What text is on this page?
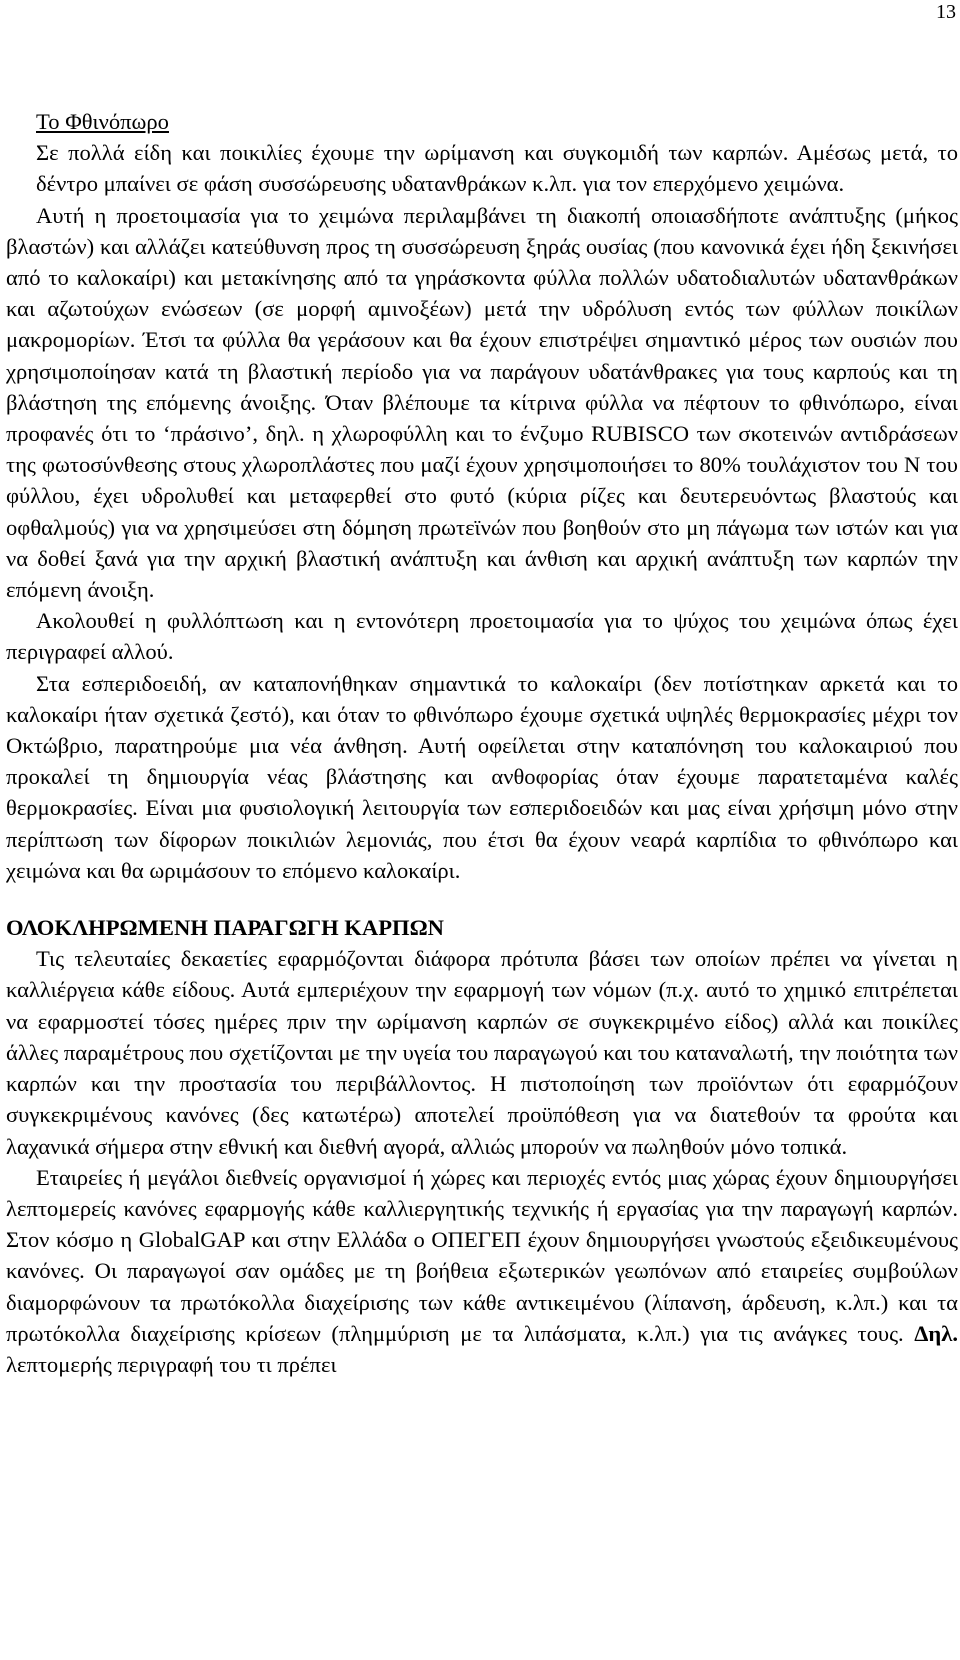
13
Το Φθινόπωρο

Σε πολλά είδη και ποικιλίες έχουμε την ωρίμανση και συγκομιδή των καρπών. Αμέσως μετά, το δέντρο μπαίνει σε φάση συσσώρευσης υδατανθράκων κ.λπ. για τον επερχόμενο χειμώνα.

Αυτή η προετοιμασία για το χειμώνα περιλαμβάνει τη διακοπή οποιασδήποτε ανάπτυξης (μήκος βλαστών) και αλλάζει κατεύθυνση προς τη συσσώρευση ξηράς ουσίας (που κανονικά έχει ήδη ξεκινήσει από το καλοκαίρι) και μετακίνησης από τα γηράσκοντα φύλλα πολλών υδατοδιαλυτών υδατανθράκων και αζωτούχων ενώσεων (σε μορφή αμινοξέων) μετά την υδρόλυση εντός των φύλλων ποικίλων μακρομορίων. Έτσι τα φύλλα θα γεράσουν και θα έχουν επιστρέψει σημαντικό μέρος των ουσιών που χρησιμοποίησαν κατά τη βλαστική περίοδο για να παράγουν υδατάνθρακες για τους καρπούς και τη βλάστηση της επόμενης άνοιξης. Όταν βλέπουμε τα κίτρινα φύλλα να πέφτουν το φθινόπωρο, είναι προφανές ότι το ‘πράσινο’, δηλ. η χλωροφύλλη και το ένζυμο RUBISCO των σκοτεινών αντιδράσεων της φωτοσύνθεσης στους χλωροπλάστες που μαζί έχουν χρησιμοποιήσει το 80% τουλάχιστον του N του φύλλου, έχει υδρολυθεί και μεταφερθεί στο φυτό (κύρια ρίζες και δευτερευόντως βλαστούς και οφθαλμούς) για να χρησιμεύσει στη δόμηση πρωτεϊνών που βοηθούν στο μη πάγωμα των ιστών και για να δοθεί ξανά για την αρχική βλαστική ανάπτυξη και άνθιση και αρχική ανάπτυξη των καρπών την επόμενη άνοιξη.

Ακολουθεί η φυλλόπτωση και η εντονότερη προετοιμασία για το ψύχος του χειμώνα όπως έχει περιγραφεί αλλού.

Στα εσπεριδοειδή, αν καταπονήθηκαν σημαντικά το καλοκαίρι (δεν ποτίστηκαν αρκετά και το καλοκαίρι ήταν σχετικά ζεστό), και όταν το φθινόπωρο έχουμε σχετικά υψηλές θερμοκρασίες μέχρι τον Οκτώβριο, παρατηρούμε μια νέα άνθηση. Αυτή οφείλεται στην καταπόνηση του καλοκαιριού που προκαλεί τη δημιουργία νέας βλάστησης και ανθοφορίας όταν έχουμε παρατεταμένα καλές θερμοκρασίες. Είναι μια φυσιολογική λειτουργία των εσπεριδοειδών και μας είναι χρήσιμη μόνο στην περίπτωση των δίφορων ποικιλιών λεμονιάς, που έτσι θα έχουν νεαρά καρπίδια το φθινόπωρο και χειμώνα και θα ωριμάσουν το επόμενο καλοκαίρι.

ΟΛΟΚΛΗΡΩΜΕΝΗ ΠΑΡΑΓΩΓΗ ΚΑΡΠΩΝ

Τις τελευταίες δεκαετίες εφαρμόζονται διάφορα πρότυπα βάσει των οποίων πρέπει να γίνεται η καλλιέργεια κάθε είδους. Αυτά εμπεριέχουν την εφαρμογή των νόμων (π.χ. αυτό το χημικό επιτρέπεται να εφαρμοστεί τόσες ημέρες πριν την ωρίμανση καρπών σε συγκεκριμένο είδος) αλλά και ποικίλες άλλες παραμέτρους που σχετίζονται με την υγεία του παραγωγού και του καταναλωτή, την ποιότητα των καρπών και την προστασία του περιβάλλοντος. Η πιστοποίηση των προϊόντων ότι εφαρμόζουν συγκεκριμένους κανόνες (δες κατωτέρω) αποτελεί προϋπόθεση για να διατεθούν τα φρούτα και λαχανικά σήμερα στην εθνική και διεθνή αγορά, αλλιώς μπορούν να πωληθούν μόνο τοπικά.

Εταιρείες ή μεγάλοι διεθνείς οργανισμοί ή χώρες και περιοχές εντός μιας χώρας έχουν δημιουργήσει λεπτομερείς κανόνες εφαρμογής κάθε καλλιεργητικής τεχνικής ή εργασίας για την παραγωγή καρπών. Στον κόσμο η GlobalGAP και στην Ελλάδα ο ΟΠΕΓΕΠ έχουν δημιουργήσει γνωστούς εξειδικευμένους κανόνες. Οι παραγωγοί σαν ομάδες με τη βοήθεια εξωτερικών γεωπόνων από εταιρείες συμβούλων διαμορφώνουν τα πρωτόκολλα διαχείρισης των κάθε αντικειμένου (λίπανση, άρδευση, κ.λπ.) και τα πρωτόκολλα διαχείρισης κρίσεων (πλημμύριση με τα λιπάσματα, κ.λπ.) για τις ανάγκες τους. Δηλ. λεπτομερής περιγραφή του τι πρέπει
